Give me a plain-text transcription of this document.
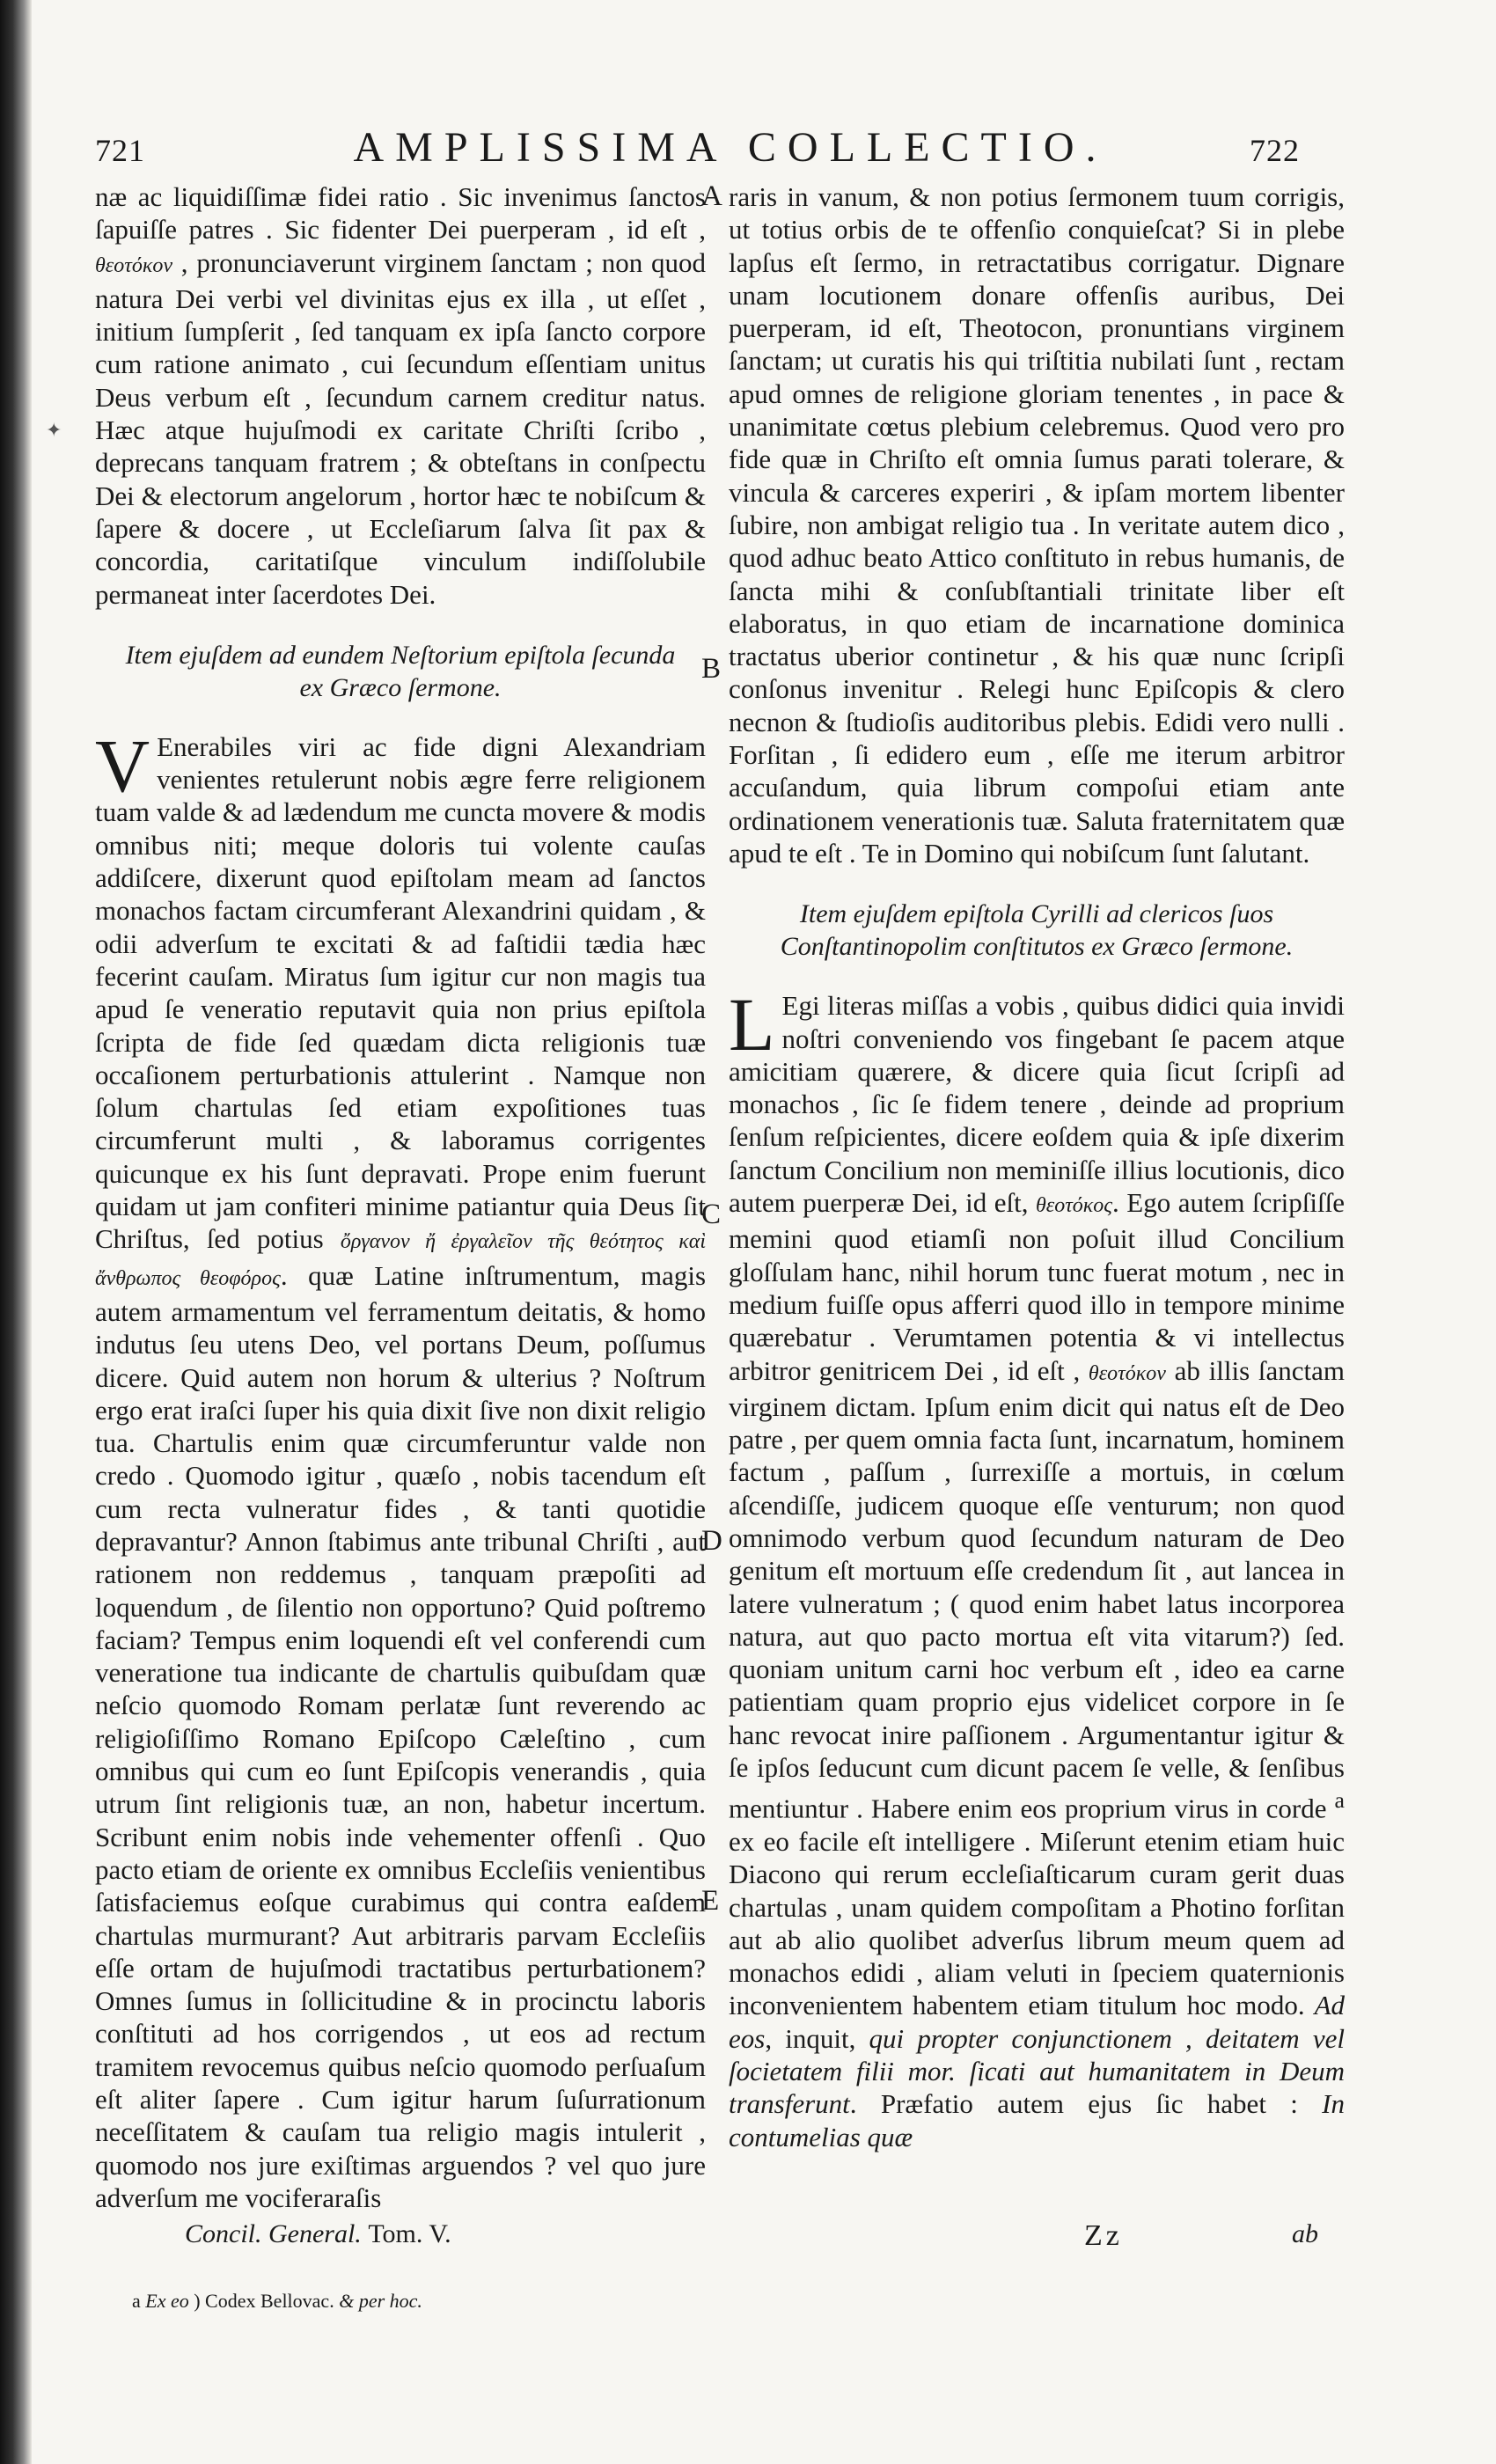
✦
721	AMPLISSIMA COLLECTIO.	722

næ ac liquidiſſimæ fidei ratio . Sic invenimus ſanctos ſapuiſſe patres . Sic fidenter Dei puerperam , id eſt , θεοτόκον , pronunciaverunt virginem ſanctam ; non quod natura Dei verbi vel divinitas ejus ex illa , ut eſſet , initium ſumpſerit , ſed tanquam ex ipſa ſancto corpore cum ratione animato , cui ſecundum eſſentiam unitus Deus verbum eſt , ſecundum carnem creditur natus. Hæc atque hujuſmodi ex caritate Chriſti ſcribo , deprecans tanquam fratrem ; & obteſtans in conſpectu Dei & electorum angelorum , hortor hæc te nobiſcum & ſapere & docere , ut Eccleſiarum ſalva ſit pax & concordia, caritatiſque vinculum indiſſolubile permaneat inter ſacerdotes Dei.

Item ejuſdem ad eundem Neſtorium epiſtola ſecunda ex Græco ſermone.

V Enerabiles viri ac fide digni Alexandriam venientes retulerunt nobis ægre ferre religionem tuam valde & ad lædendum me cuncta movere & modis omnibus niti; meque doloris tui volente cauſas addiſcere, dixerunt quod epiſtolam meam ad ſanctos monachos factam circumferant Alexandrini quidam , & odii adverſum te excitati & ad faſtidii tædia hæc fecerint cauſam. Miratus ſum igitur cur non magis tua apud ſe veneratio reputavit quia non prius epiſtola ſcripta de fide ſed quædam dicta religionis tuæ occaſionem perturbationis attulerint . Namque non ſolum chartulas ſed etiam expoſitiones tuas circumferunt multi , & laboramus corrigentes quicunque ex his ſunt depravati. Prope enim fuerunt quidam ut jam confiteri minime patiantur quia Deus ſit Chriſtus, ſed potius ὄργανον ἤ ἐργαλεῖον τῆς θεότητος καὶ ἄνθρωπος θεοφόρος. quæ Latine inſtrumentum, magis autem armamentum vel ferramentum deitatis, & homo indutus ſeu utens Deo, vel portans Deum, poſſumus dicere. Quid autem non horum & ulterius ? Noſtrum ergo erat iraſci ſuper his quia dixit ſive non dixit religio tua. Chartulis enim quæ circumferuntur valde non credo . Quomodo igitur , quæſo , nobis tacendum eſt cum recta vulneratur fides , & tanti quotidie depravantur? Annon ſtabimus ante tribunal Chriſti , aut rationem non reddemus , tanquam præpoſiti ad loquendum , de ſilentio non opportuno? Quid poſtremo faciam? Tempus enim loquendi eſt vel conferendi cum veneratione tua indicante de chartulis quibuſdam quæ neſcio quomodo Romam perlatæ ſunt reverendo ac religioſiſſimo Romano Epiſcopo Cæleſtino , cum omnibus qui cum eo ſunt Epiſcopis venerandis , quia utrum ſint religionis tuæ, an non, habetur incertum. Scribunt enim nobis inde vehementer offenſi . Quo pacto etiam de oriente ex omnibus Eccleſiis venientibus ſatisfaciemus eoſque curabimus qui contra eaſdem chartulas murmurant? Aut arbitraris parvam Eccleſiis eſſe ortam de hujuſmodi tractatibus perturbationem? Omnes ſumus in ſollicitudine & in procinctu laboris conſtituti ad hos corrigendos , ut eos ad rectum tramitem revocemus quibus neſcio quomodo perſuaſum eſt aliter ſapere . Cum igitur harum ſuſurrationum neceſſitatem & cauſam tua religio magis intulerit , quomodo nos jure exiſtimas arguendos ? vel quo jure adverſum me vociferaraſis

raris in vanum, & non potius ſermonem tuum corrigis, ut totius orbis de te offenſio conquieſcat? Si in plebe lapſus eſt ſermo, in retractatibus corrigatur. Dignare unam locutionem donare offenſis auribus, Dei puerperam, id eſt, Theotocon, pronuntians virginem ſanctam; ut curatis his qui triſtitia nubilati ſunt , rectam apud omnes de religione gloriam tenentes , in pace & unanimitate cœtus plebium celebremus. Quod vero pro fide quæ in Chriſto eſt omnia ſumus parati tolerare, & vincula & carceres experiri , & ipſam mortem libenter ſubire, non ambigat religio tua . In veritate autem dico , quod adhuc beato Attico conſtituto in rebus humanis, de ſancta mihi & conſubſtantiali trinitate liber eſt elaboratus, in quo etiam de incarnatione dominica tractatus uberior continetur , & his quæ nunc ſcripſi conſonus invenitur . Relegi hunc Epiſcopis & clero necnon & ſtudioſis auditoribus plebis. Edidi vero nulli . Forſitan , ſi edidero eum , eſſe me iterum arbitror accuſandum, quia librum compoſui etiam ante ordinationem venerationis tuæ. Saluta fraternitatem quæ apud te eſt . Te in Domino qui nobiſcum ſunt ſalutant.

Item ejuſdem epiſtola Cyrilli ad clericos ſuos Conſtantinopolim conſtitutos ex Græco ſermone.

L Egi literas miſſas a vobis , quibus didici quia invidi noſtri conveniendo vos fingebant ſe pacem atque amicitiam quærere, & dicere quia ſicut ſcripſi ad monachos , ſic ſe fidem tenere , deinde ad proprium ſenſum reſpicientes, dicere eoſdem quia & ipſe dixerim ſanctum Concilium non meminiſſe illius locutionis, dico autem puerperæ Dei, id eſt, θεοτόκος. Ego autem ſcripſiſſe memini quod etiamſi non poſuit illud Concilium gloſſulam hanc, nihil horum tunc fuerat motum , nec in medium fuiſſe opus afferri quod illo in tempore minime quærebatur . Verumtamen potentia & vi intellectus arbitror genitricem Dei , id eſt , θεοτόκον ab illis ſanctam virginem dictam. Ipſum enim dicit qui natus eſt de Deo patre , per quem omnia facta ſunt, incarnatum, hominem factum , paſſum , ſurrexiſſe a mortuis, in cœlum aſcendiſſe, judicem quoque eſſe venturum; non quod omnimodo verbum quod ſecundum naturam de Deo genitum eſt mortuum eſſe credendum ſit , aut lancea in latere vulneratum ; ( quod enim habet latus incorporea natura, aut quo pacto mortua eſt vita vitarum?) ſed. quoniam unitum carni hoc verbum eſt , ideo ea carne patientiam quam proprio ejus videlicet corpore in ſe hanc revocat inire paſſionem . Argumentantur igitur & ſe ipſos ſeducunt cum dicunt pacem ſe velle, & ſenſibus mentiuntur . Habere enim eos proprium virus in corde $^a$ ex eo facile eſt intelligere . Miſerunt etenim etiam huic Diacono qui rerum eccleſiaſticarum curam gerit duas chartulas , unam quidem compoſitam a Photino forſitan aut ab alio quolibet adverſus librum meum quem ad monachos edidi , aliam veluti in ſpeciem quaternionis inconvenientem habentem etiam titulum hoc modo. Ad eos, inquit, qui propter conjunctionem , deitatem vel ſocietatem filii mor. ſicati aut humanitatem in Deum transferunt. Præfatio autem ejus ſic habet : In contumelias quæ

A
B
C
D
E
Concil. General. Tom. V.	Zz	ab
a Ex eo ) Codex Bellovac. & per hoc.
